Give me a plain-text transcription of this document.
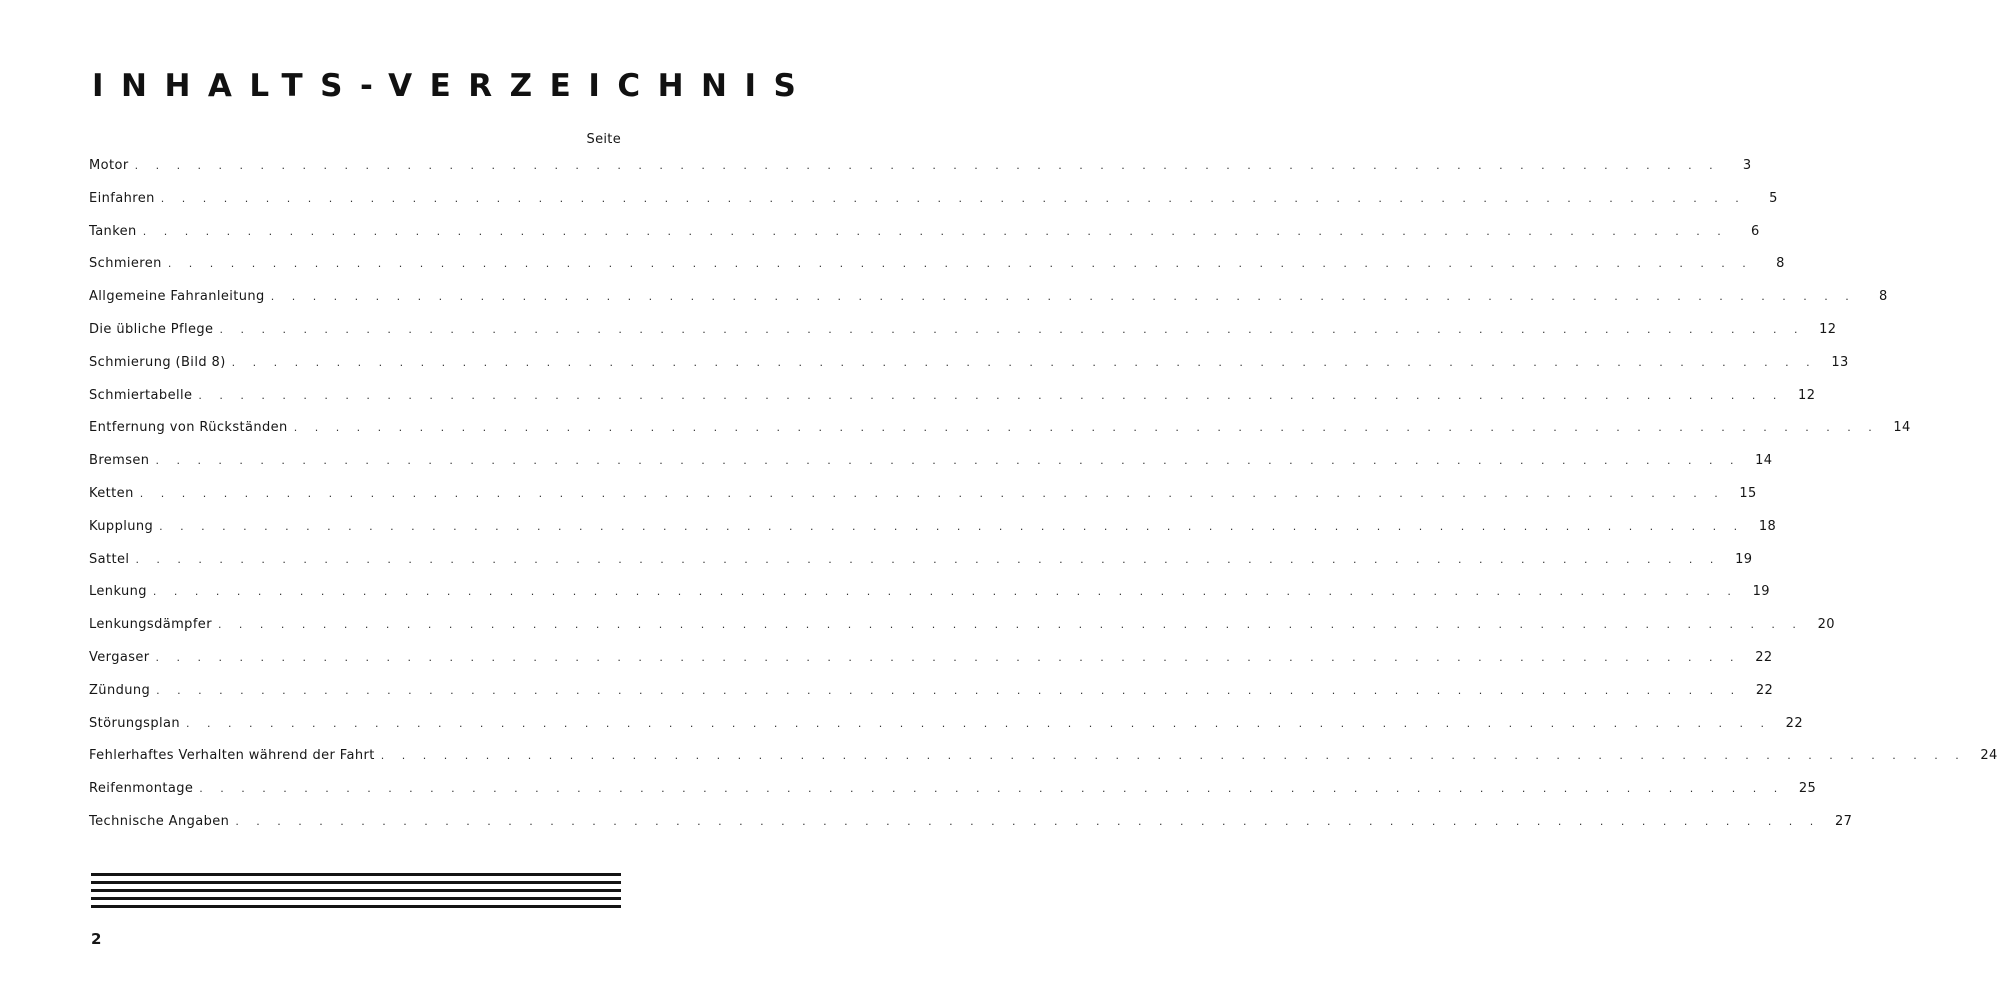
INHALTS-VERZEICHNIS
Seite
Motor . . .	3
Einfahren . . .	5
Tanken . . .	6
Schmieren . . .	8
Allgemeine Fahranleitung . . .	8
Die übliche Pflege . . .	12
Schmierung (Bild 8) . . .	13
Schmiertabelle . . .	12
Entfernung von Rückständen . . .	14
Bremsen . . .	14
Ketten . . .	15
Kupplung . . .	18
Sattel . . .	19
Lenkung . . .	19
Lenkungsdämpfer . . .	20
Vergaser . . .	22
Zündung . . .	22
Störungsplan . . .	22
Fehlerhaftes Verhalten während der Fahrt . . .	24
Reifenmontage . . .	25
Technische Angaben . . .	27
2
